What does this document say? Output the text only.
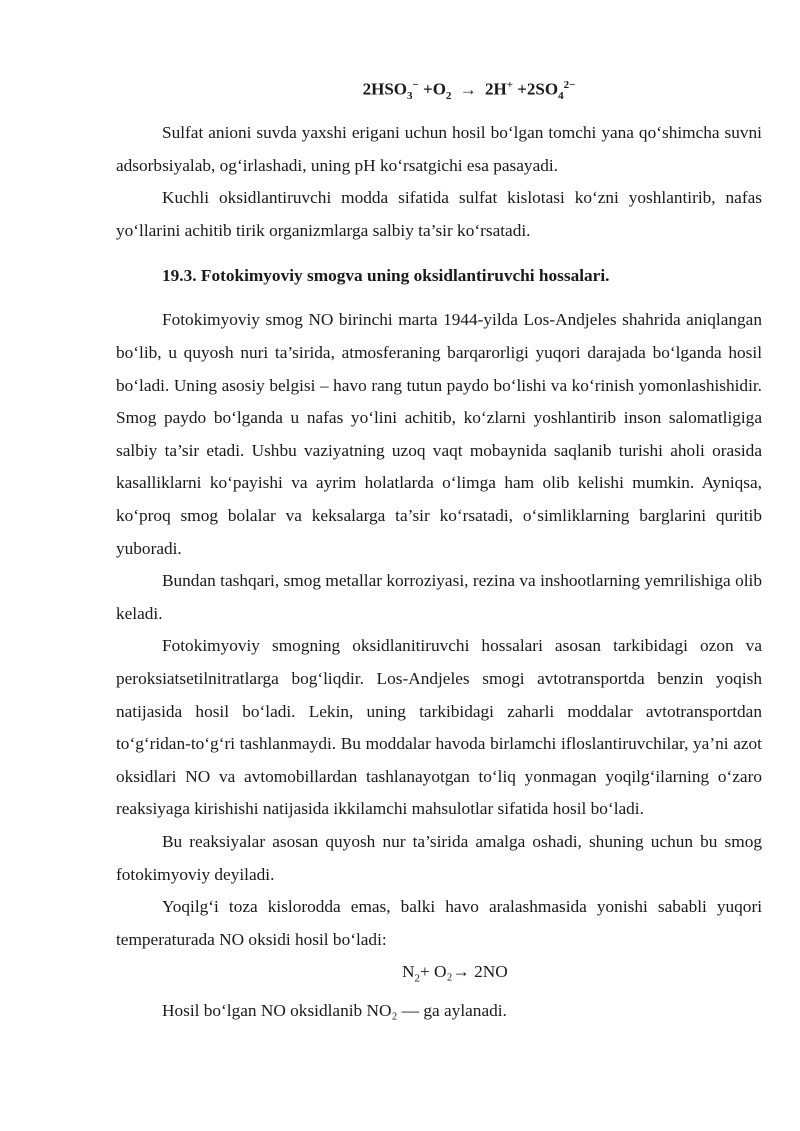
$2HSO_3^- +O_2 \to 2H^+ +2SO_4^{2-}$

Sulfat anioni suvda yaxshi erigani uchun hosil bo‘lgan tomchi yana qo‘shimcha suvni adsorbsiyalab, og‘irlashadi, uning pH ko‘rsatgichi esa pasayadi.

Kuchli oksidlantiruvchi modda sifatida sulfat kislotasi ko‘zni yoshlantirib, nafas yo‘llarini achitib tirik organizmlarga salbiy ta’sir ko‘rsatadi.

19.3. Fotokimyoviy smogva uning oksidlantiruvchi hossalari.

Fotokimyoviy smog NO birinchi marta 1944-yilda Los-Andjeles shahrida aniqlangan bo‘lib, u quyosh nuri ta’sirida, atmosferaning barqarorligi yuqori darajada bo‘lganda hosil bo‘ladi. Uning asosiy belgisi – havo rang tutun paydo bo‘lishi va ko‘rinish yomonlashishidir. Smog paydo bo‘lganda u nafas yo‘lini achitib, ko‘zlarni yoshlantirib inson salomatligiga salbiy ta’sir etadi. Ushbu vaziyatning uzoq vaqt mobaynida saqlanib turishi aholi orasida kasalliklarni ko‘payishi va ayrim holatlarda o‘limga ham olib kelishi mumkin. Ayniqsa, ko‘proq smog bolalar va keksalarga ta’sir ko‘rsatadi, o‘simliklarning barglarini quritib yuboradi.

Bundan tashqari, smog metallar korroziyasi, rezina va inshootlarning yemrilishiga olib keladi.

Fotokimyoviy smogning oksidlanitiruvchi hossalari asosan tarkibidagi ozon va peroksiatsetilnitratlarga bog‘liqdir. Los-Andjeles smogi avtotransportda benzin yoqish natijasida hosil bo‘ladi. Lekin, uning tarkibidagi zaharli moddalar avtotransportdan to‘g‘ridan-to‘g‘ri tashlanmaydi. Bu moddalar havoda birlamchi ifloslantiruvchilar, ya’ni azot oksidlari NO va avtomobillardan tashlanayotgan to‘liq yonmagan yoqilg‘ilarning o‘zaro reaksiyaga kirishishi natijasida ikkilamchi mahsulotlar sifatida hosil bo‘ladi.

Bu reaksiyalar asosan quyosh nur ta’sirida amalga oshadi, shuning uchun bu smog fotokimyoviy deyiladi.

Yoqilg‘i toza kislorodda emas, balki havo aralashmasida yonishi sababli yuqori temperaturada NO oksidi hosil bo‘ladi:

$N_2+ O_2\to 2NO$

Hosil bo‘lgan NO oksidlanib NO₂ — ga aylanadi.
